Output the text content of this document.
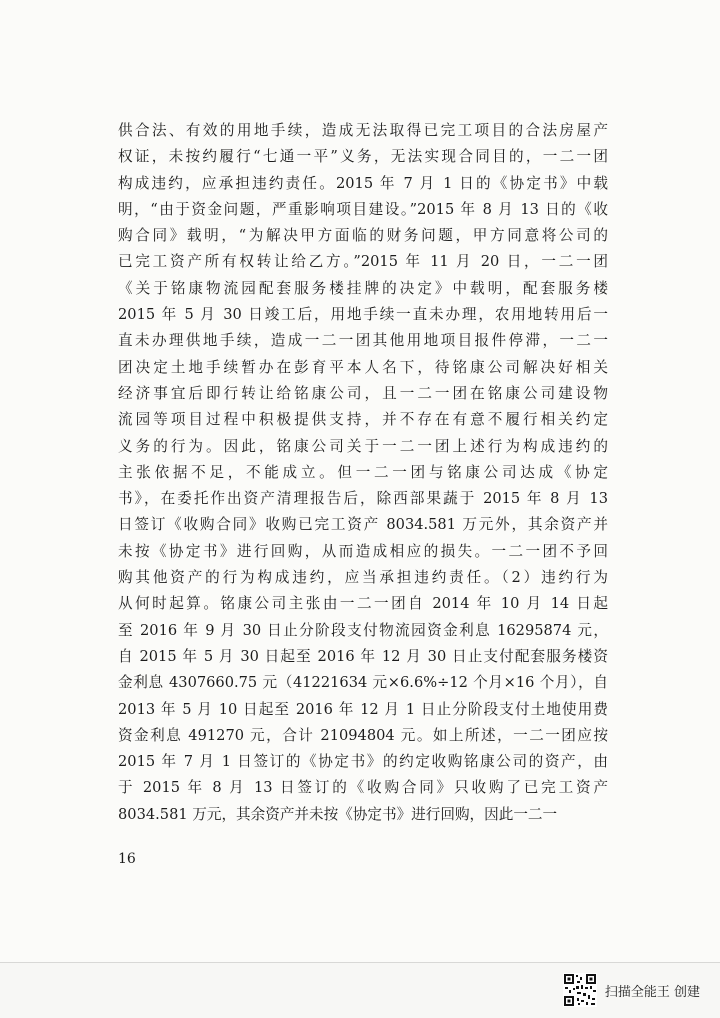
供合法、有效的用地手续，造成无法取得已完工项目的合法房屋产
权证，未按约履行“七通一平”义务，无法实现合同目的，一二一团
构成违约，应承担违约责任。2015 年 7 月 1 日的《协定书》中载
明，“由于资金问题，严重影响项目建设。”2015 年 8 月 13 日的《收
购合同》载明，“为解决甲方面临的财务问题，甲方同意将公司的
已完工资产所有权转让给乙方。”2015 年 11 月 20 日，一二一团
《关于铭康物流园配套服务楼挂牌的决定》中载明，配套服务楼
2015 年 5 月 30 日竣工后，用地手续一直未办理，农用地转用后一
直未办理供地手续，造成一二一团其他用地项目报件停滞，一二一
团决定土地手续暂办在彭育平本人名下，待铭康公司解决好相关
经济事宜后即行转让给铭康公司，且一二一团在铭康公司建设物
流园等项目过程中积极提供支持，并不存在有意不履行相关约定
义务的行为。因此，铭康公司关于一二一团上述行为构成违约的
主张依据不足，不能成立。但一二一团与铭康公司达成《协定
书》，在委托作出资产清理报告后，除西部果蔬于 2015 年 8 月 13
日签订《收购合同》收购已完工资产 8034.581 万元外，其余资产并
未按《协定书》进行回购，从而造成相应的损失。一二一团不予回
购其他资产的行为构成违约，应当承担违约责任。（2）违约行为
从何时起算。铭康公司主张由一二一团自 2014 年 10 月 14 日起
至 2016 年 9 月 30 日止分阶段支付物流园资金利息 16295874 元，
自 2015 年 5 月 30 日起至 2016 年 12 月 30 日止支付配套服务楼资
金利息 4307660.75 元（41221634 元×6.6%÷12 个月×16 个月），自
2013 年 5 月 10 日起至 2016 年 12 月 1 日止分阶段支付土地使用费
资金利息 491270 元，合计 21094804 元。如上所述，一二一团应按
2015 年 7 月 1 日签订的《协定书》的约定收购铭康公司的资产，由
于 2015 年 8 月 13 日签订的《收购合同》只收购了已完工资产
8034.581 万元，其余资产并未按《协定书》进行回购，因此一二一
16
扫描全能王 创建
